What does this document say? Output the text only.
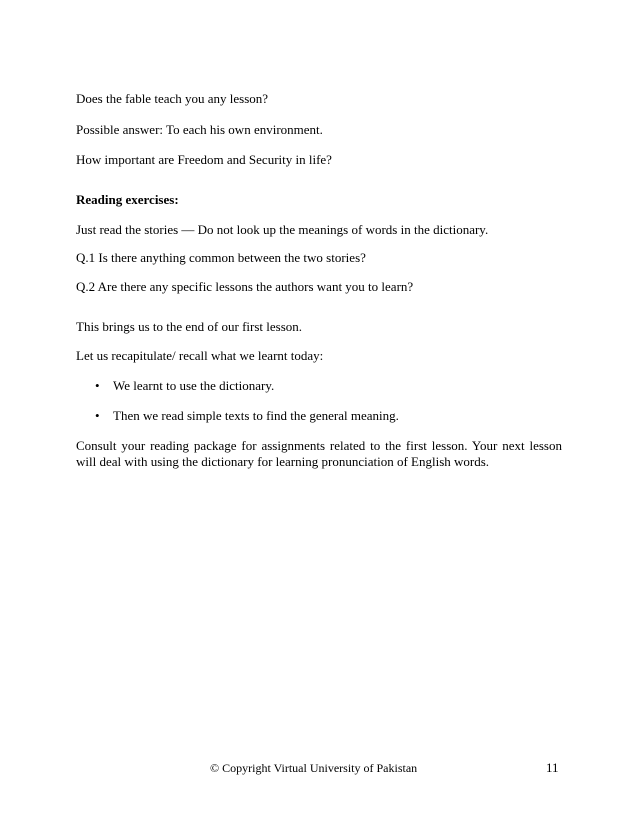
Does the fable teach you any lesson?
Possible answer: To each his own environment.
How important are Freedom and Security in life?
Reading exercises:
Just read the stories — Do not look up the meanings of words in the dictionary.
Q.1 Is there anything common between the two stories?
Q.2 Are there any specific lessons the authors want you to learn?
This brings us to the end of our first lesson.
Let us recapitulate/ recall what we learnt today:
• We learnt to use the dictionary.
• Then we read simple texts to find the general meaning.
Consult your reading package for assignments related to the first lesson. Your next lesson will deal with using the dictionary for learning pronunciation of English words.
© Copyright Virtual University of Pakistan	11
